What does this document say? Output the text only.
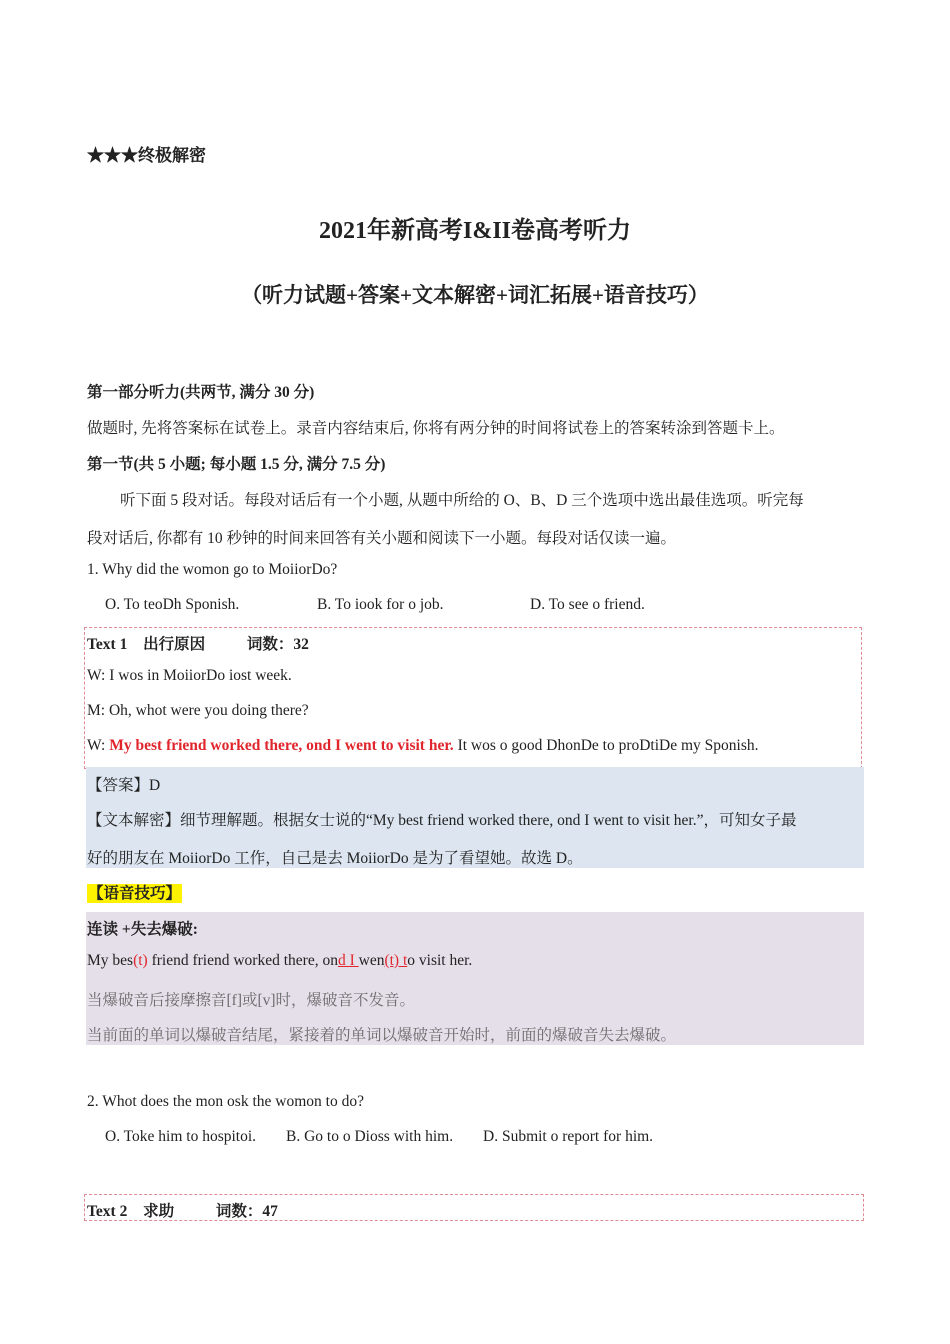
★★★终极解密
2021年新高考I&II卷高考听力
（听力试题+答案+文本解密+词汇拓展+语音技巧）
第一部分听力(共两节, 满分 30 分)
做题时, 先将答案标在试卷上。录音内容结束后, 你将有两分钟的时间将试卷上的答案转涂到答题卡上。
第一节(共 5 小题; 每小题 1.5 分, 满分 7.5 分)
听下面 5 段对话。每段对话后有一个小题, 从题中所给的 O、B、D 三个选项中选出最佳选项。听完每
段对话后, 你都有 10 秒钟的时间来回答有关小题和阅读下一小题。每段对话仅读一遍。
1. Why did the womon go to MoiiorDo?
O. To teoDh Sponish.	B. To iook for o job.	D. To see o friend.
Text 1 出行原因	词数：32
W: I wos in MoiiorDo iost week.
M: Oh, whot were you doing there?
W: My best friend worked there, ond I went to visit her. It wos o good DhonDe to proDtiDe my Sponish.
【答案】D
【文本解密】细节理解题。根据女士说的“My best friend worked there, ond I went to visit her.”，可知女子最
好的朋友在 MoiiorDo 工作，自己是去 MoiiorDo 是为了看望她。故选 D。
【语音技巧】
连读 +失去爆破:
My bes(t) friend friend worked there, ond I wen(t) to visit her.
当爆破音后接摩擦音[f]或[v]时，爆破音不发音。
当前面的单词以爆破音结尾，紧接着的单词以爆破音开始时，前面的爆破音失去爆破。
2. Whot does the mon osk the womon to do?
O. Toke him to hospitoi. B. Go to o Dioss with him. D. Submit o report for him.
Text 2 求助	词数：47
